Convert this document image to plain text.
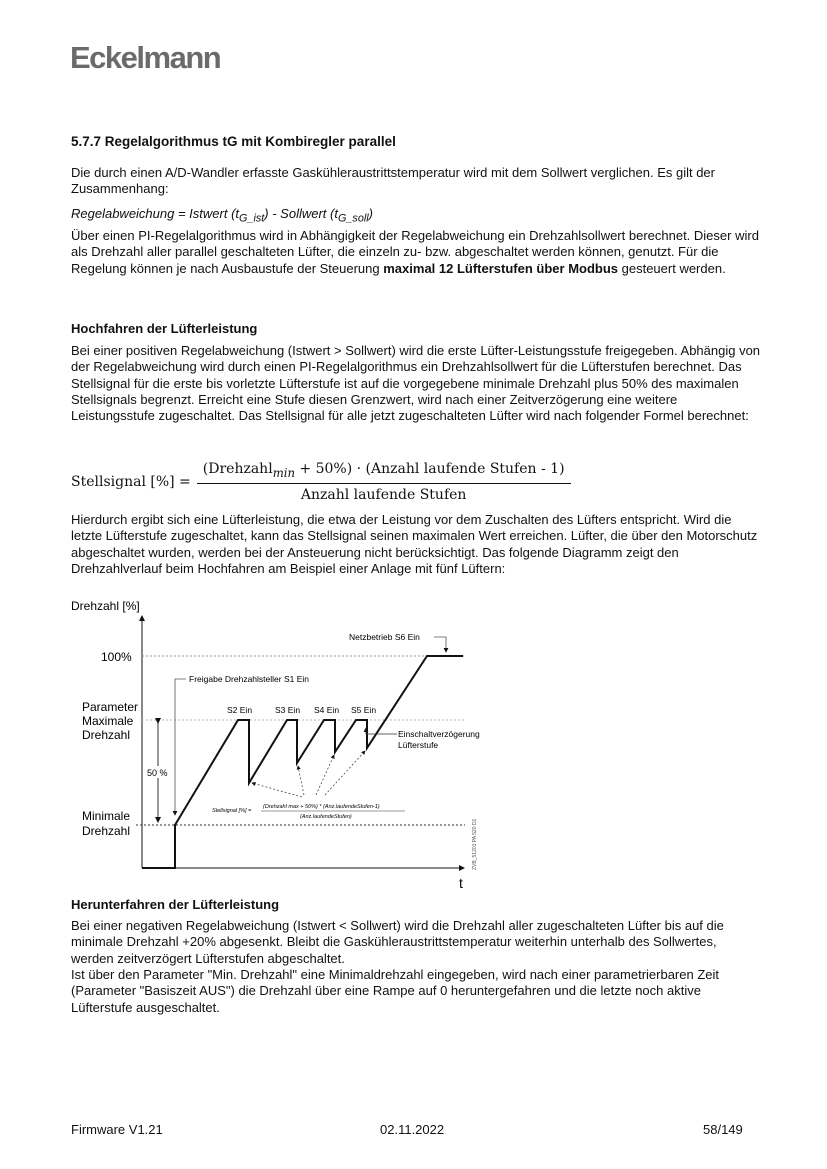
Eckelmann
5.7.7 Regelalgorithmus tG mit Kombiregler parallel
Die durch einen A/D-Wandler erfasste Gaskühleraustrittstemperatur wird mit dem Sollwert verglichen. Es gilt der Zusammenhang:
Regelabweichung = Istwert $(t_{G\_ist})$ - Sollwert $(t_{G\_soll})$
Über einen PI-Regelalgorithmus wird in Abhängigkeit der Regelabweichung ein Drehzahlsollwert berechnet. Dieser wird als Drehzahl aller parallel geschalteten Lüfter, die einzeln zu- bzw. abgeschaltet werden können, genutzt. Für die Regelung können je nach Ausbaustufe der Steuerung maximal 12 Lüfterstufen über Modbus gesteuert werden.
Hochfahren der Lüfterleistung
Bei einer positiven Regelabweichung (Istwert > Sollwert) wird die erste Lüfter-Leistungsstufe freigegeben. Abhängig von der Regelabweichung wird durch einen PI-Regelalgorithmus ein Drehzahlsollwert für die Lüfterstufen berechnet. Das Stellsignal für die erste bis vorletzte Lüfterstufe ist auf die vorgegebene minimale Drehzahl plus 50% des maximalen Stellsignals begrenzt. Erreicht eine Stufe diesen Grenzwert, wird nach einer Zeitverzögerung eine weitere Leistungsstufe zugeschaltet. Das Stellsignal für alle jetzt zugeschalteten Lüfter wird nach folgender Formel berechnet:
Stellsignal [%] = $\frac{(Drehzahl_{min} + 50\%) \cdot (Anzahl laufende Stufen - 1)}{\text{Anzahl laufende Stufen}}$
Hierdurch ergibt sich eine Lüfterleistung, die etwa der Leistung vor dem Zuschalten des Lüfters entspricht. Wird die letzte Lüfterstufe zugeschaltet, kann das Stellsignal seinen maximalen Wert erreichen. Lüfter, die über den Motorschutz abgeschaltet wurden, werden bei der Ansteuerung nicht berücksichtigt. Das folgende Diagramm zeigt den Drehzahlverlauf beim Hochfahren am Beispiel einer Anlage mit fünf Lüftern:
Drehzahl [%]
t
100%
Parameter
Maximale
Drehzahl
Minimale
Drehzahl
50 %
Freigabe Drehzahlsteller S1 Ein
S2 Ein	S3 Ein S4 Ein S5 Ein
Netzbetrieb S6 Ein
Einschaltverzögerung
Lüfterstufe
Stellsignal [%] =
(Drehzahl max + 50%) * (Anz.laufendeStufen-1)
(Anz.laufendeStufen)
ZVB_51201 PA 520 D1
Herunterfahren der Lüfterleistung
Bei einer negativen Regelabweichung (Istwert < Sollwert) wird die Drehzahl aller zugeschalteten Lüfter bis auf die minimale Drehzahl +20% abgesenkt. Bleibt die Gaskühleraustrittstemperatur weiterhin unterhalb des Sollwertes, werden zeitverzögert Lüfterstufen abgeschaltet.
Ist über den Parameter "Min. Drehzahl" eine Minimaldrehzahl eingegeben, wird nach einer parametrierbaren Zeit (Parameter "Basiszeit AUS") die Drehzahl über eine Rampe auf 0 heruntergefahren und die letzte noch aktive Lüfterstufe ausgeschaltet.
Firmware V1.21	02.11.2022	58/149
